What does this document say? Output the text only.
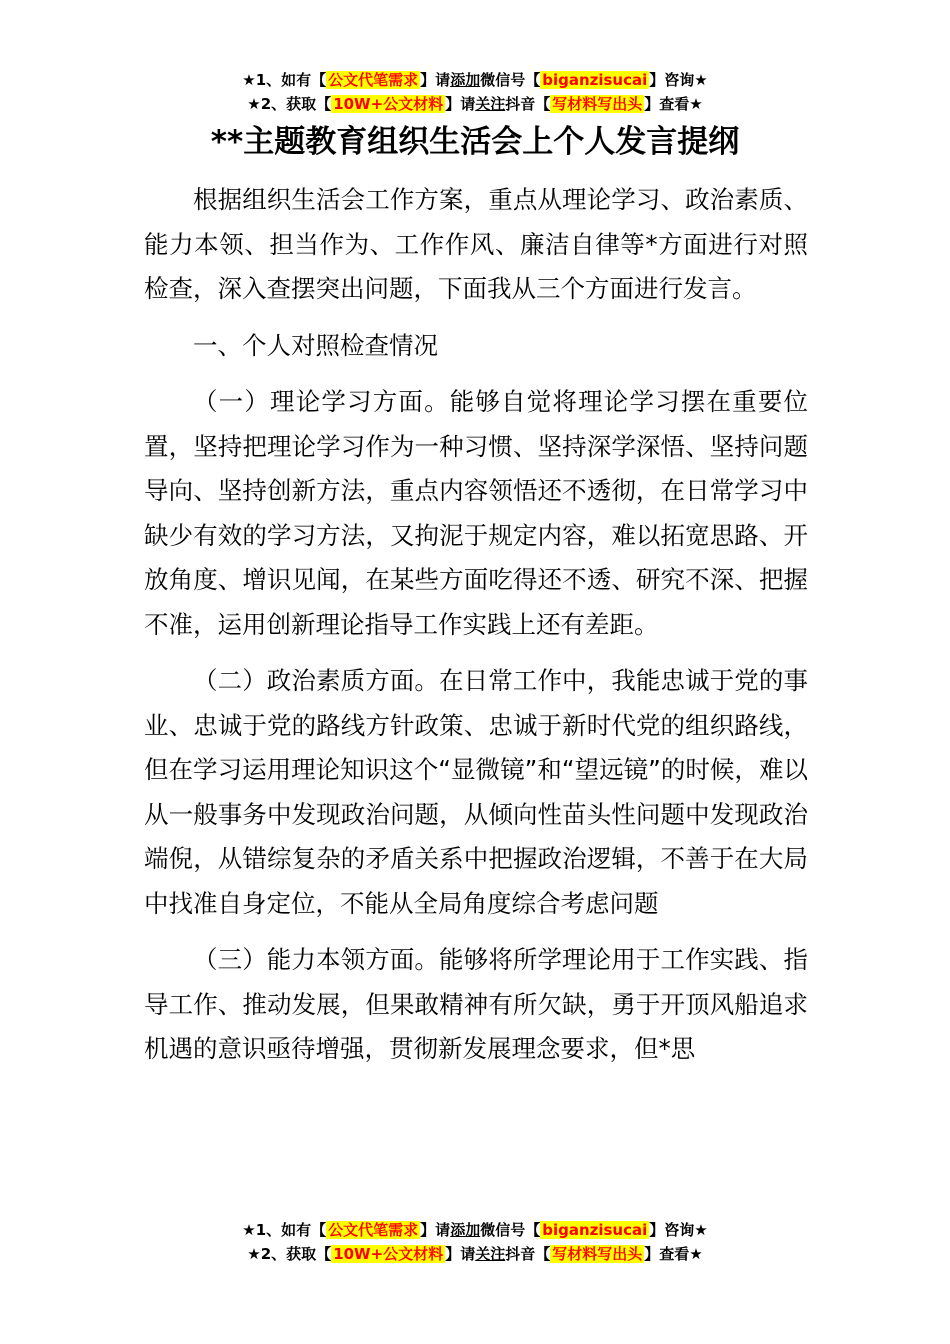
★1、如有【 公文代笔需求 】请添加微信号【 biganzisucai 】咨询★
★2、获取【 10W+公文材料 】请关注抖音【 写材料写出头 】查看★
**主题教育组织生活会上个人发言提纲

根据组织生活会工作方案，重点从理论学习、政治素质、能力本领、担当作为、工作作风、廉洁自律等*方面进行对照检查，深入查摆突出问题，下面我从三个方面进行发言。

一、个人对照检查情况

（一）理论学习方面。能够自觉将理论学习摆在重要位置，坚持把理论学习作为一种习惯、坚持深学深悟、坚持问题导向、坚持创新方法，重点内容领悟还不透彻，在日常学习中缺少有效的学习方法，又拘泥于规定内容，难以拓宽思路、开放角度、增识见闻，在某些方面吃得还不透、研究不深、把握不准，运用创新理论指导工作实践上还有差距。

（二）政治素质方面。在日常工作中，我能忠诚于党的事业、忠诚于党的路线方针政策、忠诚于新时代党的组织路线，但在学习运用理论知识这个“显微镜”和“望远镜”的时候，难以从一般事务中发现政治问题，从倾向性苗头性问题中发现政治端倪，从错综复杂的矛盾关系中把握政治逻辑，不善于在大局中找准自身定位，不能从全局角度综合考虑问题

（三）能力本领方面。能够将所学理论用于工作实践、指导工作、推动发展，但果敢精神有所欠缺，勇于开顶风船追求机遇的意识亟待增强，贯彻新发展理念要求，但*思

★1、如有【 公文代笔需求 】请添加微信号【 biganzisucai 】咨询★
★2、获取【 10W+公文材料 】请关注抖音【 写材料写出头 】查看★
